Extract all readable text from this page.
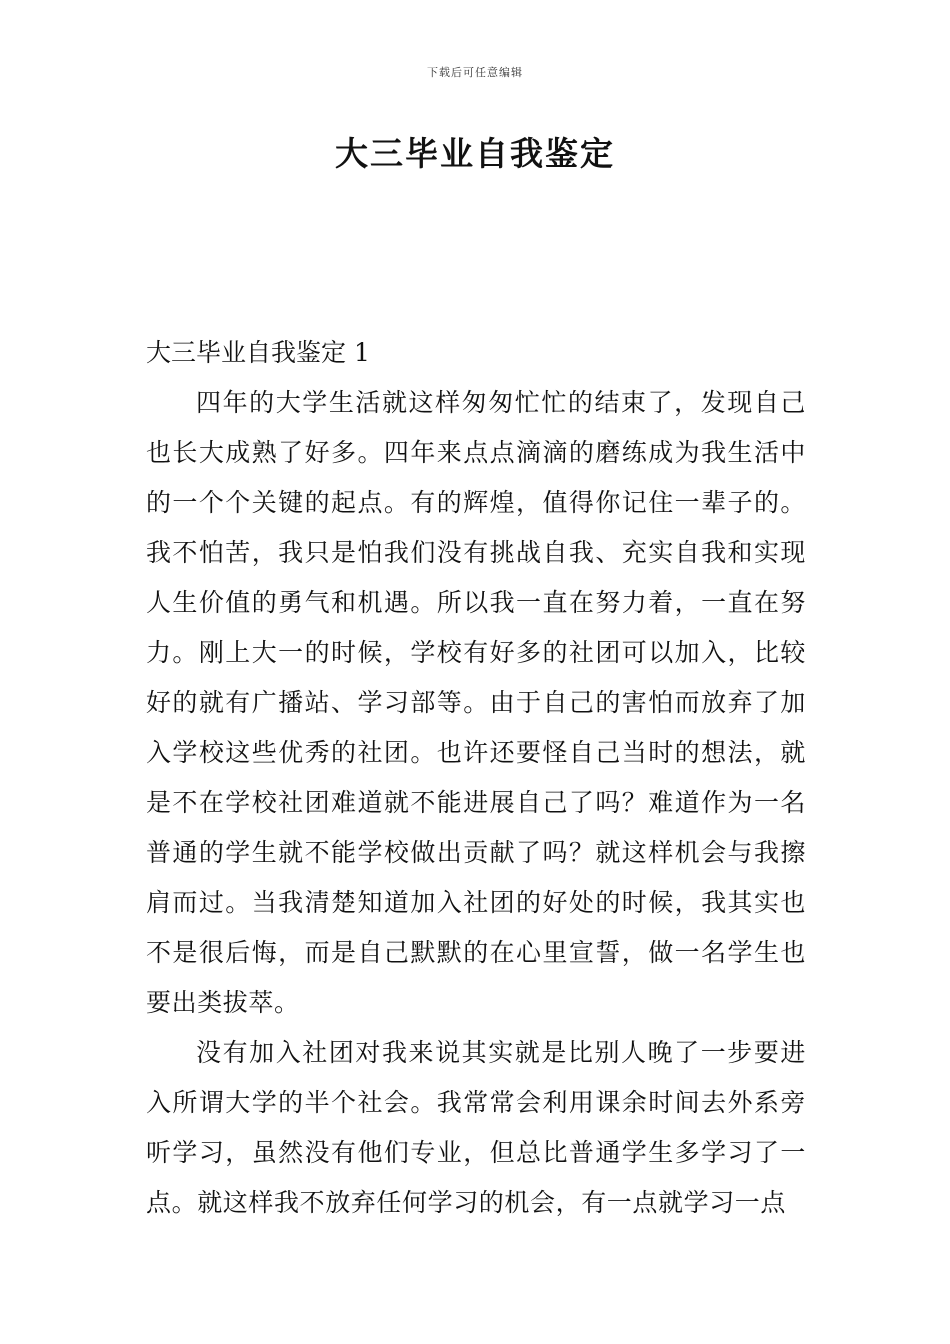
下载后可任意编辑
大三毕业自我鉴定

大三毕业自我鉴定 1

四年的大学生活就这样匆匆忙忙的结束了，发现自己也长大成熟了好多。四年来点点滴滴的磨练成为我生活中的一个个关键的起点。有的辉煌，值得你记住一辈子的。我不怕苦，我只是怕我们没有挑战自我、充实自我和实现人生价值的勇气和机遇。所以我一直在努力着，一直在努力。刚上大一的时候，学校有好多的社团可以加入，比较好的就有广播站、学习部等。由于自己的害怕而放弃了加入学校这些优秀的社团。也许还要怪自己当时的想法，就是不在学校社团难道就不能进展自己了吗？难道作为一名普通的学生就不能学校做出贡献了吗？就这样机会与我擦肩而过。当我清楚知道加入社团的好处的时候，我其实也不是很后悔，而是自己默默的在心里宣誓，做一名学生也要出类拔萃。

没有加入社团对我来说其实就是比别人晚了一步要进入所谓大学的半个社会。我常常会利用课余时间去外系旁听学习，虽然没有他们专业，但总比普通学生多学习了一点。就这样我不放弃任何学习的机会，有一点就学习一点
